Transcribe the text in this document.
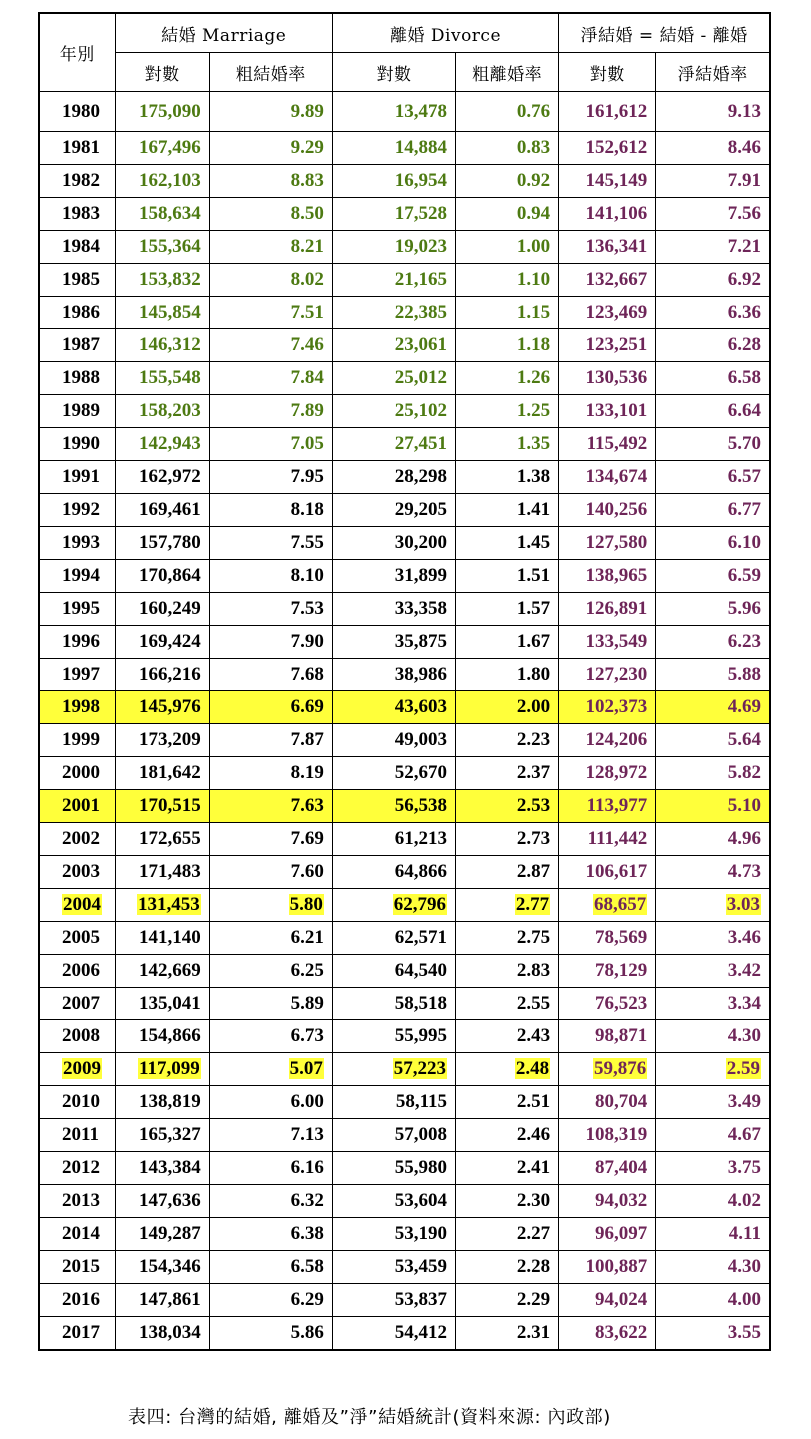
年別	結婚 Marriage		離婚 Divorce		淨結婚 = 結婚 - 離婚	
	對數	粗結婚率	對數	粗離婚率	對數	淨結婚率
1980	175,090	9.89	13,478	0.76	161,612	9.13
1981	167,496	9.29	14,884	0.83	152,612	8.46
1982	162,103	8.83	16,954	0.92	145,149	7.91
1983	158,634	8.50	17,528	0.94	141,106	7.56
1984	155,364	8.21	19,023	1.00	136,341	7.21
1985	153,832	8.02	21,165	1.10	132,667	6.92
1986	145,854	7.51	22,385	1.15	123,469	6.36
1987	146,312	7.46	23,061	1.18	123,251	6.28
1988	155,548	7.84	25,012	1.26	130,536	6.58
1989	158,203	7.89	25,102	1.25	133,101	6.64
1990	142,943	7.05	27,451	1.35	115,492	5.70
1991	162,972	7.95	28,298	1.38	134,674	6.57
1992	169,461	8.18	29,205	1.41	140,256	6.77
1993	157,780	7.55	30,200	1.45	127,580	6.10
1994	170,864	8.10	31,899	1.51	138,965	6.59
1995	160,249	7.53	33,358	1.57	126,891	5.96
1996	169,424	7.90	35,875	1.67	133,549	6.23
1997	166,216	7.68	38,986	1.80	127,230	5.88
1998	145,976	6.69	43,603	2.00	102,373	4.69
1999	173,209	7.87	49,003	2.23	124,206	5.64
2000	181,642	8.19	52,670	2.37	128,972	5.82
2001	170,515	7.63	56,538	2.53	113,977	5.10
2002	172,655	7.69	61,213	2.73	111,442	4.96
2003	171,483	7.60	64,866	2.87	106,617	4.73
2004	131,453	5.80	62,796	2.77	68,657	3.03
2005	141,140	6.21	62,571	2.75	78,569	3.46
2006	142,669	6.25	64,540	2.83	78,129	3.42
2007	135,041	5.89	58,518	2.55	76,523	3.34
2008	154,866	6.73	55,995	2.43	98,871	4.30
2009	117,099	5.07	57,223	2.48	59,876	2.59
2010	138,819	6.00	58,115	2.51	80,704	3.49
2011	165,327	7.13	57,008	2.46	108,319	4.67
2012	143,384	6.16	55,980	2.41	87,404	3.75
2013	147,636	6.32	53,604	2.30	94,032	4.02
2014	149,287	6.38	53,190	2.27	96,097	4.11
2015	154,346	6.58	53,459	2.28	100,887	4.30
2016	147,861	6.29	53,837	2.29	94,024	4.00
2017	138,034	5.86	54,412	2.31	83,622	3.55
表四: 台灣的結婚, 離婚及”淨”結婚統計(資料來源: 內政部)
